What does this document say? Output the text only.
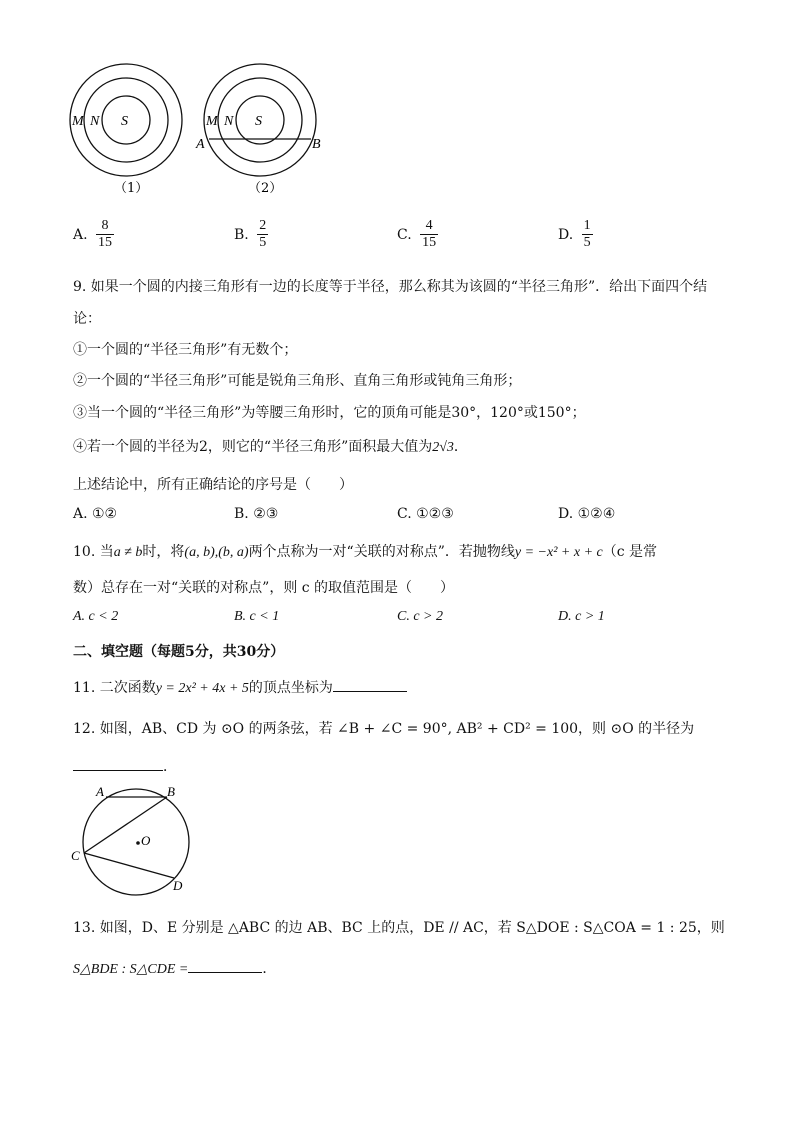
M N S
（1）
M N S
A	B
（2）
A. $\frac{8}{15}$	B. $\frac{2}{5}$	C. $\frac{4}{15}$	D. $\frac{1}{5}$
9. 如果一个圆的内接三角形有一边的长度等于半径，那么称其为该圆的“半径三角形”．给出下面四个结
论：
①一个圆的“半径三角形”有无数个；
②一个圆的“半径三角形”可能是锐角三角形、直角三角形或钝角三角形；
③当一个圆的“半径三角形”为等腰三角形时，它的顶角可能是30°，120°或150°；
④若一个圆的半径为2，则它的“半径三角形”面积最大值为2√3．
上述结论中，所有正确结论的序号是（　　）
A. ①②	B. ②③	C. ①②③	D. ①②④
10. 当a ≠ b时，将(a, b),(b, a)两个点称为一对“关联的对称点”．若抛物线y = −x² + x + c（c 是常
数）总存在一对“关联的对称点”，则 c 的取值范围是（　　）
A. c < 2	B. c < 1	C. c > 2	D. c > 1
二、填空题（每题5分，共30分）
11. 二次函数y = 2x² + 4x + 5的顶点坐标为
12. 如图，AB、CD 为 ⊙O 的两条弦，若 ∠B + ∠C = 90°, AB² + CD² = 100，则 ⊙O 的半径为
．
A	B
C
D
O
13. 如图，D、E 分别是 △ABC 的边 AB、BC 上的点，DE // AC，若 S△DOE : S△COA = 1 : 25，则
S△BDE : S△CDE =	．
